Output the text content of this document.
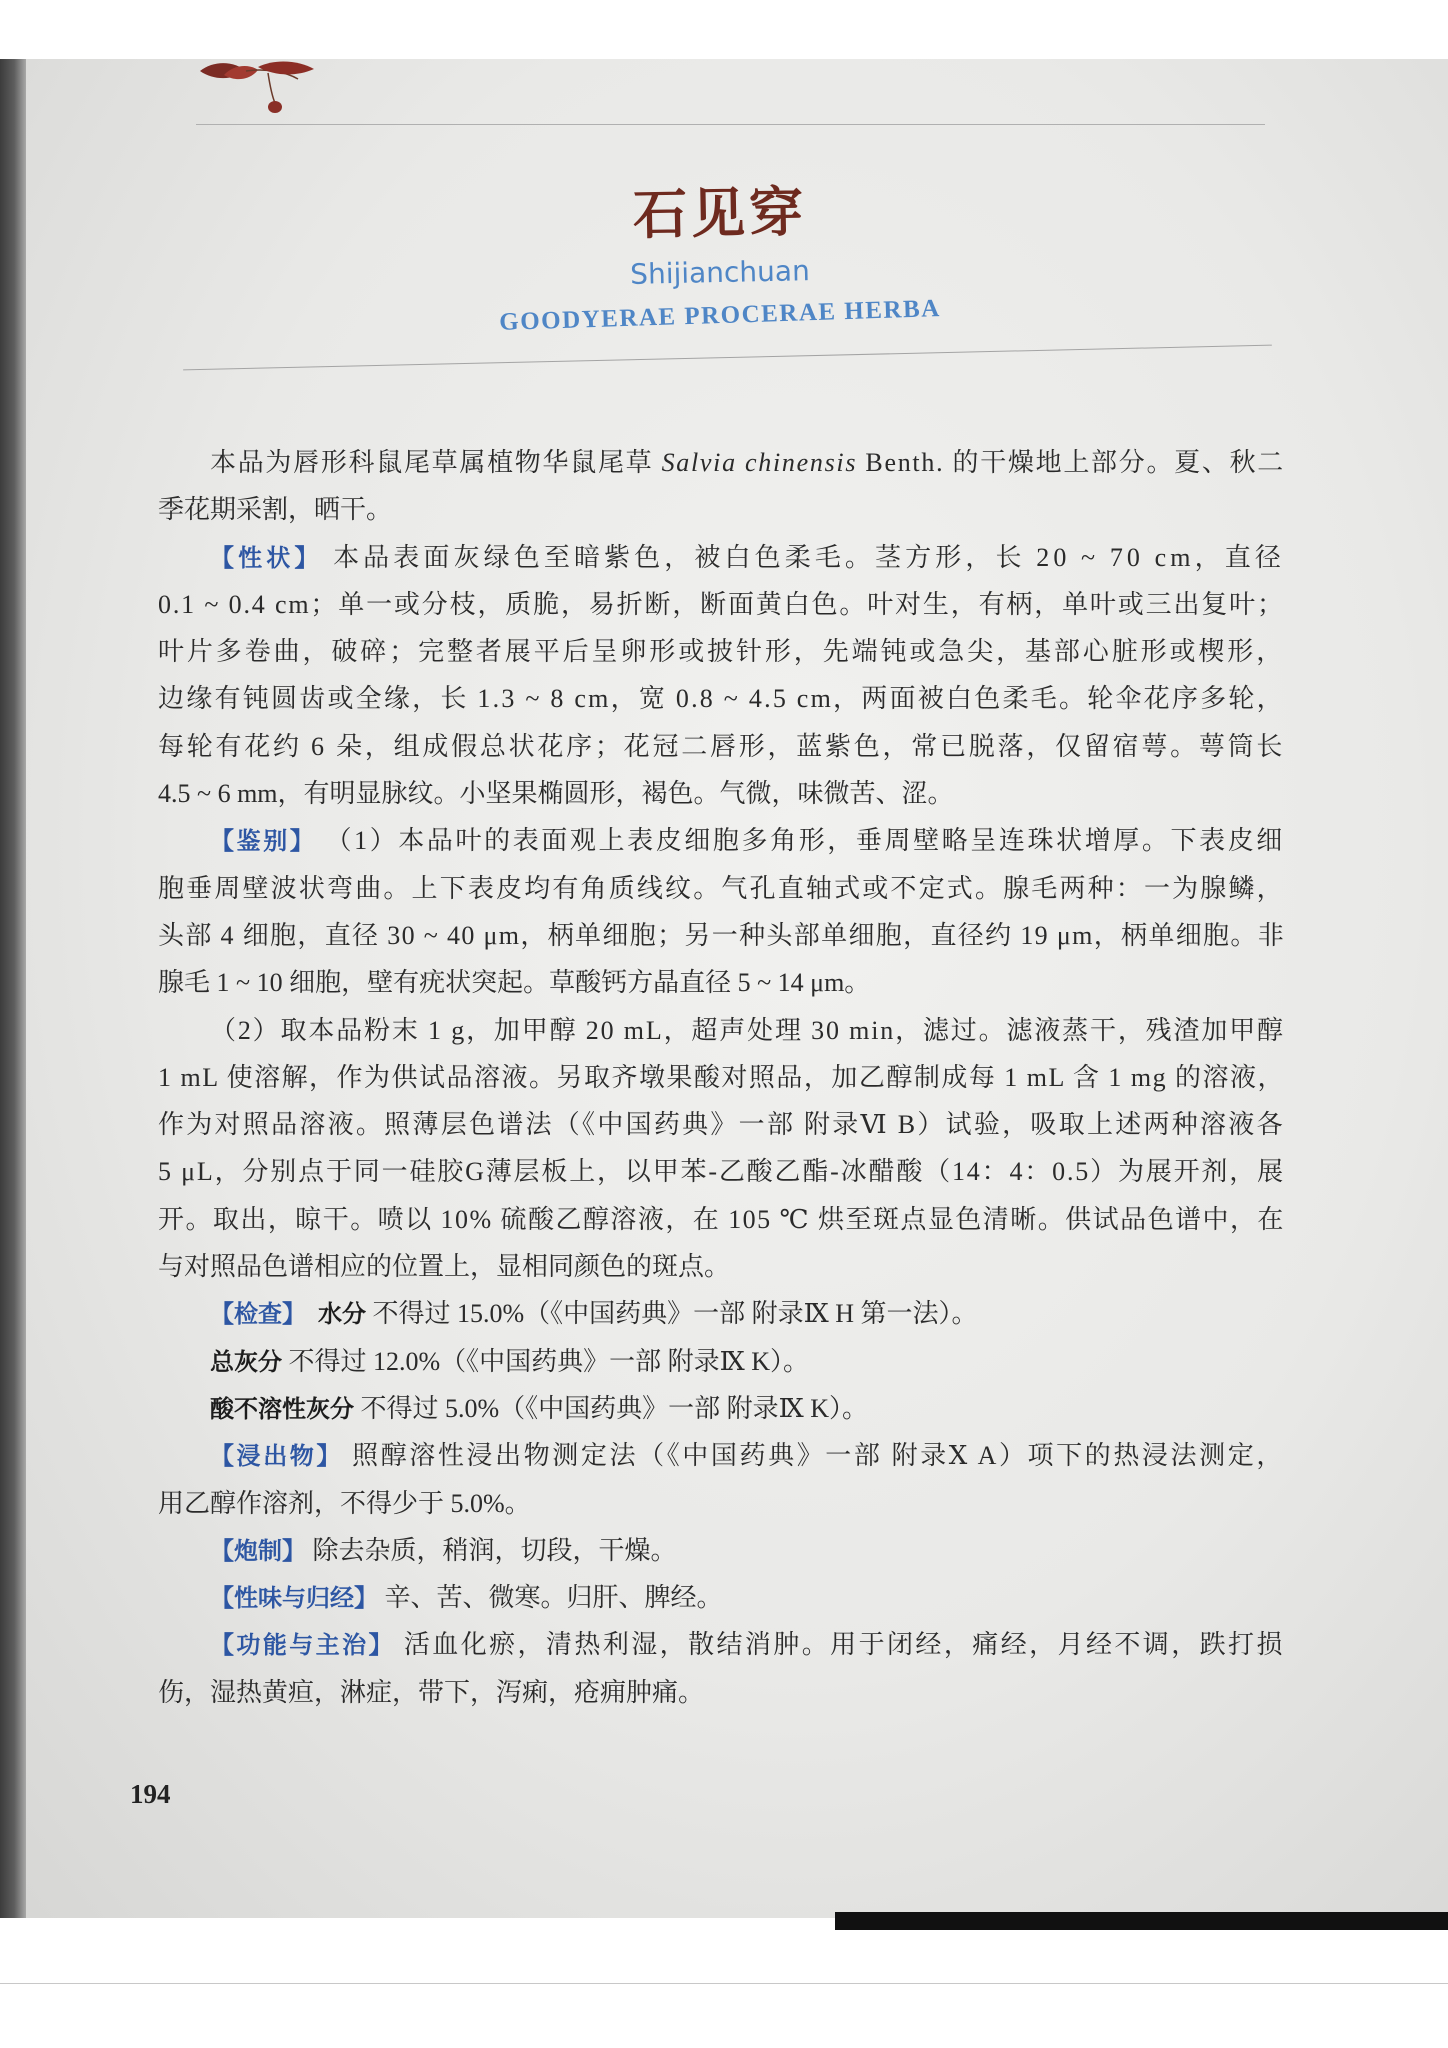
石见穿
Shijianchuan
GOODYERAE PROCERAE HERBA
本品为唇形科鼠尾草属植物华鼠尾草 Salvia chinensis Benth. 的干燥地上部分。夏、秋二
季花期采割，晒干。
【性状】 本品表面灰绿色至暗紫色，被白色柔毛。茎方形，长 20 ~ 70 cm，直径
0.1 ~ 0.4 cm；单一或分枝，质脆，易折断，断面黄白色。叶对生，有柄，单叶或三出复叶；
叶片多卷曲，破碎；完整者展平后呈卵形或披针形，先端钝或急尖，基部心脏形或楔形，
边缘有钝圆齿或全缘，长 1.3 ~ 8 cm，宽 0.8 ~ 4.5 cm，两面被白色柔毛。轮伞花序多轮，
每轮有花约 6 朵，组成假总状花序；花冠二唇形，蓝紫色，常已脱落，仅留宿萼。萼筒长
4.5 ~ 6 mm，有明显脉纹。小坚果椭圆形，褐色。气微，味微苦、涩。
【鉴别】 （1）本品叶的表面观上表皮细胞多角形，垂周壁略呈连珠状增厚。下表皮细
胞垂周壁波状弯曲。上下表皮均有角质线纹。气孔直轴式或不定式。腺毛两种：一为腺鳞，
头部 4 细胞，直径 30 ~ 40 μm，柄单细胞；另一种头部单细胞，直径约 19 μm，柄单细胞。非
腺毛 1 ~ 10 细胞，壁有疣状突起。草酸钙方晶直径 5 ~ 14 μm。
（2）取本品粉末 1 g，加甲醇 20 mL，超声处理 30 min，滤过。滤液蒸干，残渣加甲醇
1 mL 使溶解，作为供试品溶液。另取齐墩果酸对照品，加乙醇制成每 1 mL 含 1 mg 的溶液，
作为对照品溶液。照薄层色谱法（《中国药典》一部 附录Ⅵ B）试验，吸取上述两种溶液各
5 μL，分别点于同一硅胶G薄层板上，以甲苯-乙酸乙酯-冰醋酸（14：4：0.5）为展开剂，展
开。取出，晾干。喷以 10% 硫酸乙醇溶液，在 105 ℃ 烘至斑点显色清晰。供试品色谱中，在
与对照品色谱相应的位置上，显相同颜色的斑点。
【检查】 水分 不得过 15.0%（《中国药典》一部 附录Ⅸ H 第一法）。
总灰分 不得过 12.0%（《中国药典》一部 附录Ⅸ K）。
酸不溶性灰分 不得过 5.0%（《中国药典》一部 附录Ⅸ K）。
【浸出物】 照醇溶性浸出物测定法（《中国药典》一部 附录Ⅹ A）项下的热浸法测定，
用乙醇作溶剂，不得少于 5.0%。
【炮制】 除去杂质，稍润，切段，干燥。
【性味与归经】 辛、苦、微寒。归肝、脾经。
【功能与主治】 活血化瘀，清热利湿，散结消肿。用于闭经，痛经，月经不调，跌打损
伤，湿热黄疸，淋症，带下，泻痢，疮痈肿痛。
194
